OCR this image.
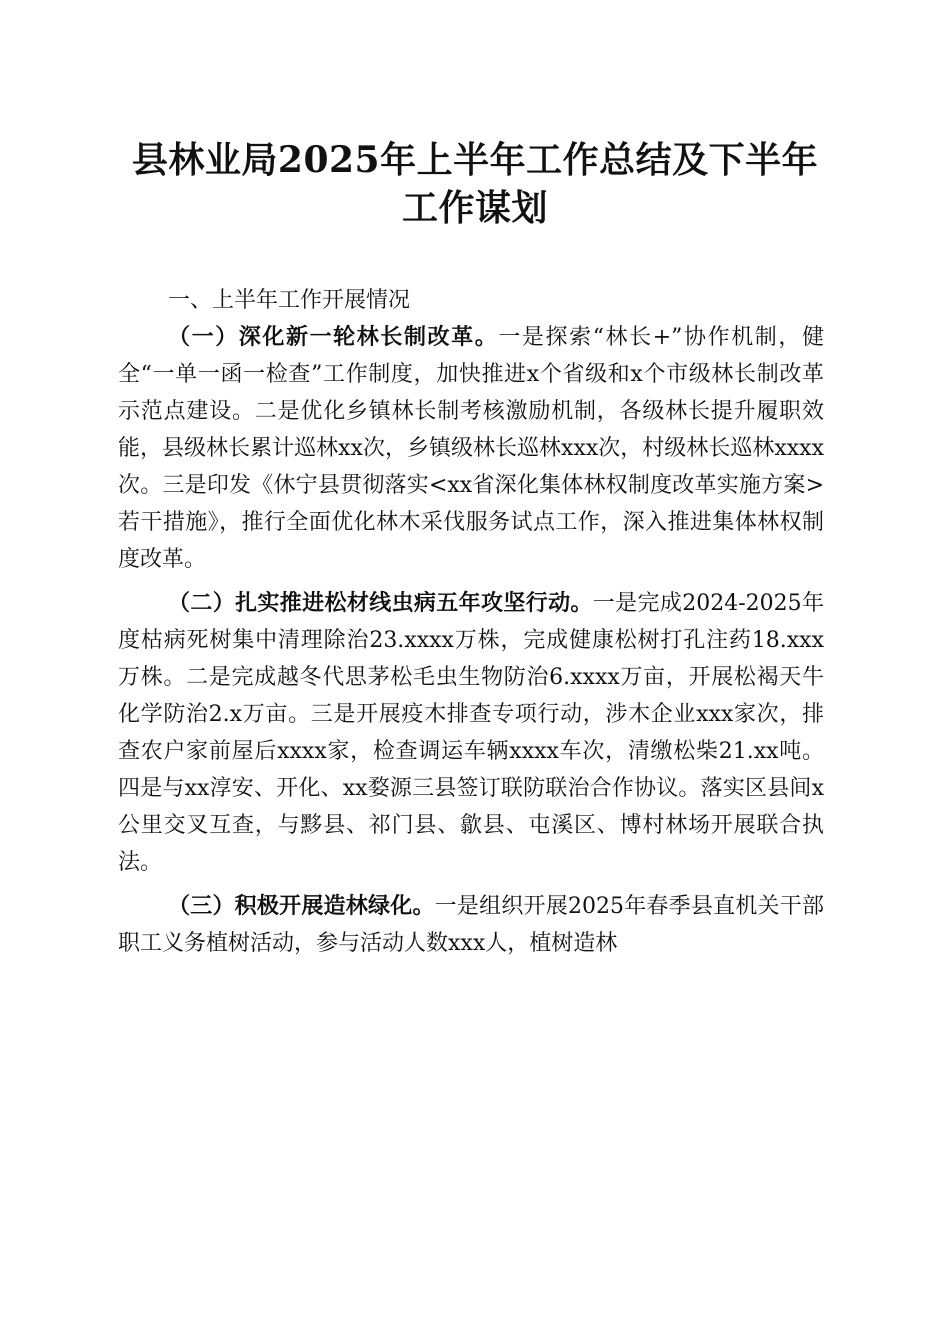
县林业局2025年上半年工作总结及下半年工作谋划

一、上半年工作开展情况

（一）深化新一轮林长制改革。一是探索“林长+”协作机制，健全“一单一函一检查”工作制度，加快推进x个省级和x个市级林长制改革示范点建设。二是优化乡镇林长制考核激励机制，各级林长提升履职效能，县级林长累计巡林xx次，乡镇级林长巡林xxx次，村级林长巡林xxxx次。三是印发《休宁县贯彻落实<xx省深化集体林权制度改革实施方案>若干措施》，推行全面优化林木采伐服务试点工作，深入推进集体林权制度改革。

（二）扎实推进松材线虫病五年攻坚行动。一是完成2024-2025年度枯病死树集中清理除治23.xxxx万株，完成健康松树打孔注药18.xxx万株。二是完成越冬代思茅松毛虫生物防治6.xxxx万亩，开展松褐天牛化学防治2.x万亩。三是开展疫木排查专项行动，涉木企业xxx家次，排查农户家前屋后xxxx家，检查调运车辆xxxx车次，清缴松柴21.xx吨。四是与xx淳安、开化、xx婺源三县签订联防联治合作协议。落实区县间x公里交叉互查，与黟县、祁门县、歙县、屯溪区、博村林场开展联合执法。

（三）积极开展造林绿化。一是组织开展2025年春季县直机关干部职工义务植树活动，参与活动人数xxx人，植树造林
